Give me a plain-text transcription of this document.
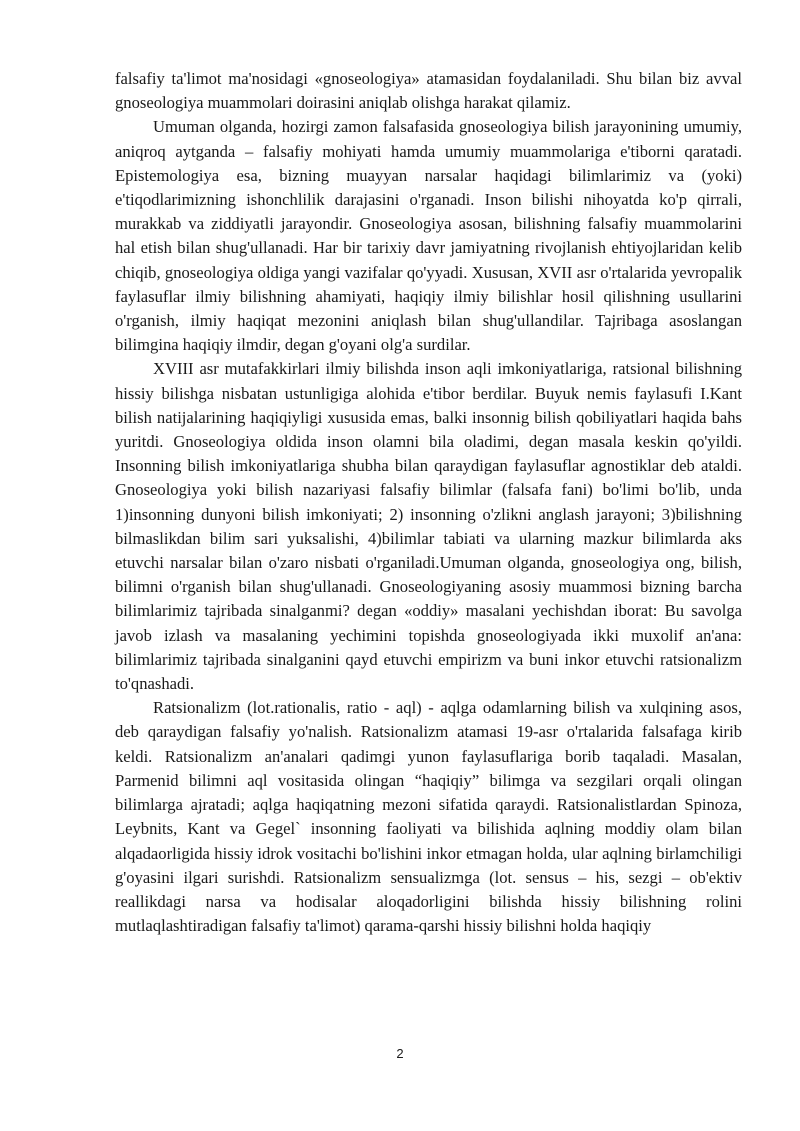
falsafiy ta'limot ma'nosidagi «gnoseologiya» atamasidan foydalaniladi. Shu bilan biz avval gnoseologiya muammolari doirasini aniqlab olishga harakat qilamiz.

Umuman olganda, hozirgi zamon falsafasida gnoseologiya bilish jarayonining umumiy, aniqroq aytganda – falsafiy mohiyati hamda umumiy muammolariga e'tiborni qaratadi. Epistemologiya esa, bizning muayyan narsalar haqidagi bilimlarimiz va (yoki) e'tiqodlarimizning ishonchlilik darajasini o'rganadi. Inson bilishi nihoyatda ko'p qirrali, murakkab va ziddiyatli jarayondir. Gnoseologiya asosan, bilishning falsafiy muammolarini hal etish bilan shug'ullanadi. Har bir tarixiy davr jamiyatning rivojlanish ehtiyojlaridan kelib chiqib, gnoseologiya oldiga yangi vazifalar qo'yyadi. Xususan, XVII asr o'rtalarida yevropalik faylasuflar ilmiy bilishning ahamiyati, haqiqiy ilmiy bilishlar hosil qilishning usullarini o'rganish, ilmiy haqiqat mezonini aniqlash bilan shug'ullandilar. Tajribaga asoslangan bilimgina haqiqiy ilmdir, degan g'oyani olg'a surdilar.

XVIII asr mutafakkirlari ilmiy bilishda inson aqli imkoniyatlariga, ratsional bilishning hissiy bilishga nisbatan ustunligiga alohida e'tibor berdilar. Buyuk nemis faylasufi I.Kant bilish natijalarining haqiqiyligi xususida emas, balki insonnig bilish qobiliyatlari haqida bahs yuritdi. Gnoseologiya oldida inson olamni bila oladimi, degan masala keskin qo'yildi. Insonning bilish imkoniyatlariga shubha bilan qaraydigan faylasuflar agnostiklar deb ataldi. Gnoseologiya yoki bilish nazariyasi falsafiy bilimlar (falsafa fani) bo'limi bo'lib, unda 1)insonning dunyoni bilish imkoniyati; 2) insonning o'zlikni anglash jarayoni; 3)bilishning bilmaslikdan bilim sari yuksalishi, 4)bilimlar tabiati va ularning mazkur bilimlarda aks etuvchi narsalar bilan o'zaro nisbati o'rganiladi.Umuman olganda, gnoseologiya ong, bilish, bilimni o'rganish bilan shug'ullanadi. Gnoseologiyaning asosiy muammosi bizning barcha bilimlarimiz tajribada sinalganmi? degan «oddiy» masalani yechishdan iborat: Bu savolga javob izlash va masalaning yechimini topishda gnoseologiyada ikki muxolif an'ana: bilimlarimiz tajribada sinalganini qayd etuvchi empirizm va buni inkor etuvchi ratsionalizm to'qnashadi.

Ratsionalizm (lot.rationalis, ratio - aql) - aqlga odamlarning bilish va xulqining asos, deb qaraydigan falsafiy yo'nalish. Ratsionalizm atamasi 19-asr o'rtalarida falsafaga kirib keldi. Ratsionalizm an'analari qadimgi yunon faylasuflariga borib taqaladi. Masalan, Parmenid bilimni aql vositasida olingan “haqiqiy” bilimga va sezgilari orqali olingan bilimlarga ajratadi; aqlga haqiqatning mezoni sifatida qaraydi. Ratsionalistlardan Spinoza, Leybnits, Kant va Gegel` insonning faoliyati va bilishida aqlning moddiy olam bilan alqadaorligida hissiy idrok vositachi bo'lishini inkor etmagan holda, ular aqlning birlamchiligi g'oyasini ilgari surishdi. Ratsionalizm sensualizmga (lot. sensus – his, sezgi – ob'ektiv reallikdagi narsa va hodisalar aloqadorligini bilishda hissiy bilishning rolini mutlaqlashtiradigan falsafiy ta'limot) qarama-qarshi hissiy bilishni holda haqiqiy

2
